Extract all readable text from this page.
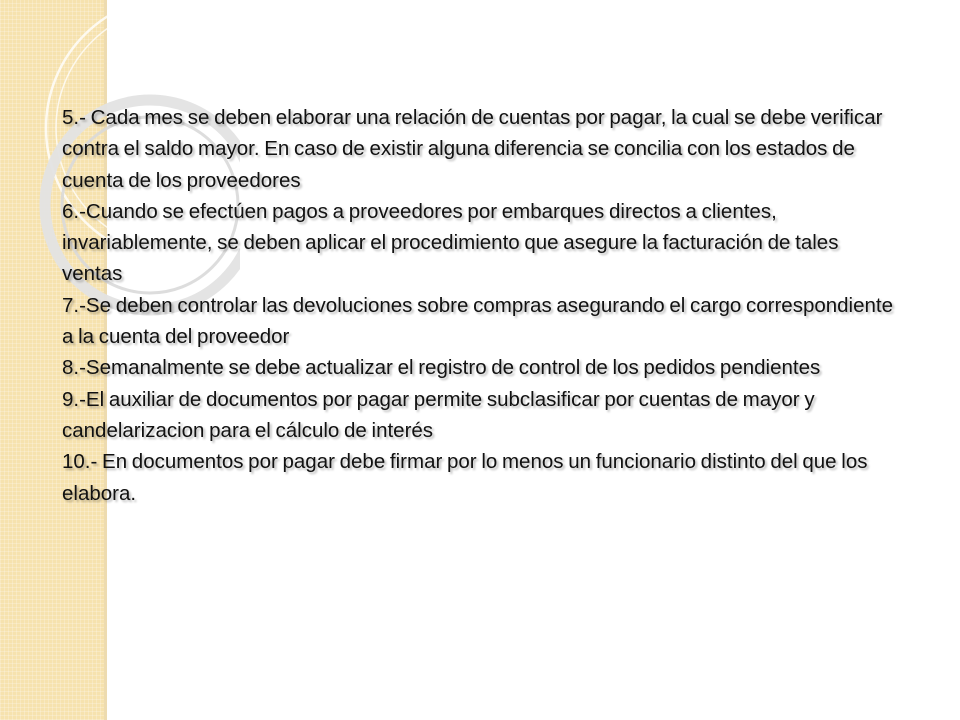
5.- Cada mes se deben elaborar una relación de cuentas por pagar, la cual se debe verificar contra el saldo mayor. En caso de existir alguna diferencia se concilia con los estados de cuenta de los proveedores

6.-Cuando se efectúen pagos a proveedores por embarques directos a clientes, invariablemente, se deben aplicar el procedimiento que asegure la facturación de tales ventas

7.-Se deben controlar las devoluciones sobre compras asegurando el cargo correspondiente a la cuenta del proveedor

8.-Semanalmente se debe actualizar el registro de control de los pedidos pendientes

9.-El auxiliar de documentos por pagar permite subclasificar por cuentas de mayor y candelarizacion para el cálculo de interés

10.- En documentos por pagar debe firmar por lo menos un funcionario distinto del que los elabora.
